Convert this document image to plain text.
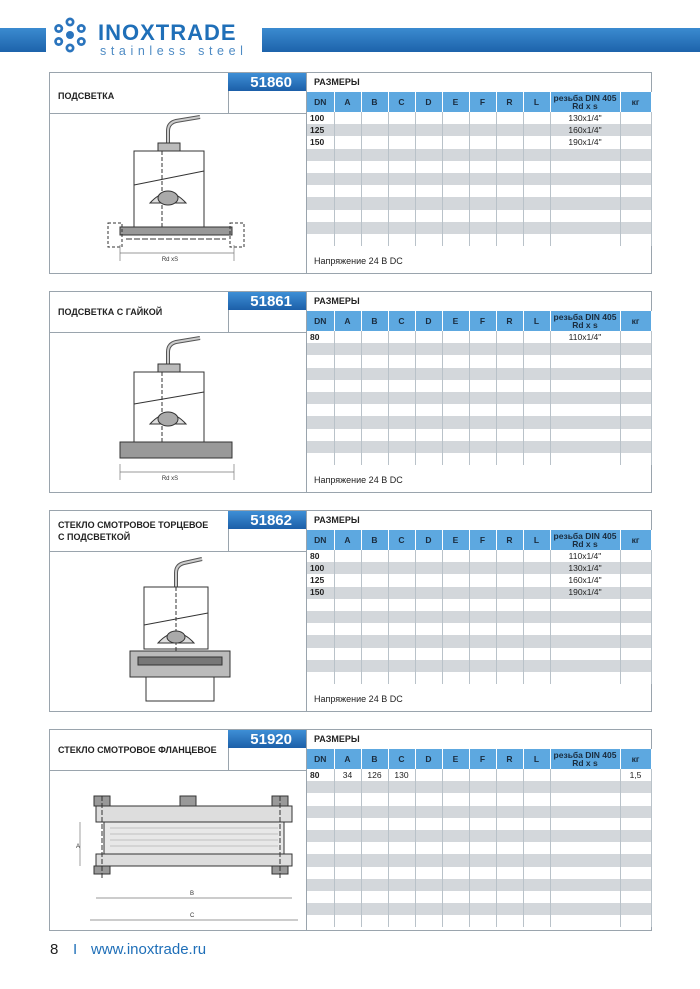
INOXTRADE
stainless steel
ПОДСВЕТКА
51860	РАЗМЕРЫ
Rd xS
DN	A	B	C	D	E	F	R	L	резьба DIN 405
Rd x s	кг
100									130x1/4"	
125									160x1/4"	
150									190x1/4"	

Напряжение 24 В DC
ПОДСВЕТКА С ГАЙКОЙ
51861	РАЗМЕРЫ
Rd xS
DN	A	B	C	D	E	F	R	L	резьба DIN 405
Rd x s	кг
80									110x1/4"	

Напряжение 24 В DC
СТЕКЛО СМОТРОВОЕ ТОРЦЕВОЕ
С ПОДСВЕТКОЙ
51862	РАЗМЕРЫ
DN	A	B	C	D	E	F	R	L	резьба DIN 405
Rd x s	кг
80									110x1/4"	
100									130x1/4"	
125									160x1/4"	
150									190x1/4"	

Напряжение 24 В DC
СТЕКЛО СМОТРОВОЕ ФЛАНЦЕВОЕ
51920	РАЗМЕРЫ
A
B
C
DN	A	B	C	D	E	F	R	L	резьба DIN 405
Rd x s	кг
80	34	126	130							1,5

8 I www.inoxtrade.ru
